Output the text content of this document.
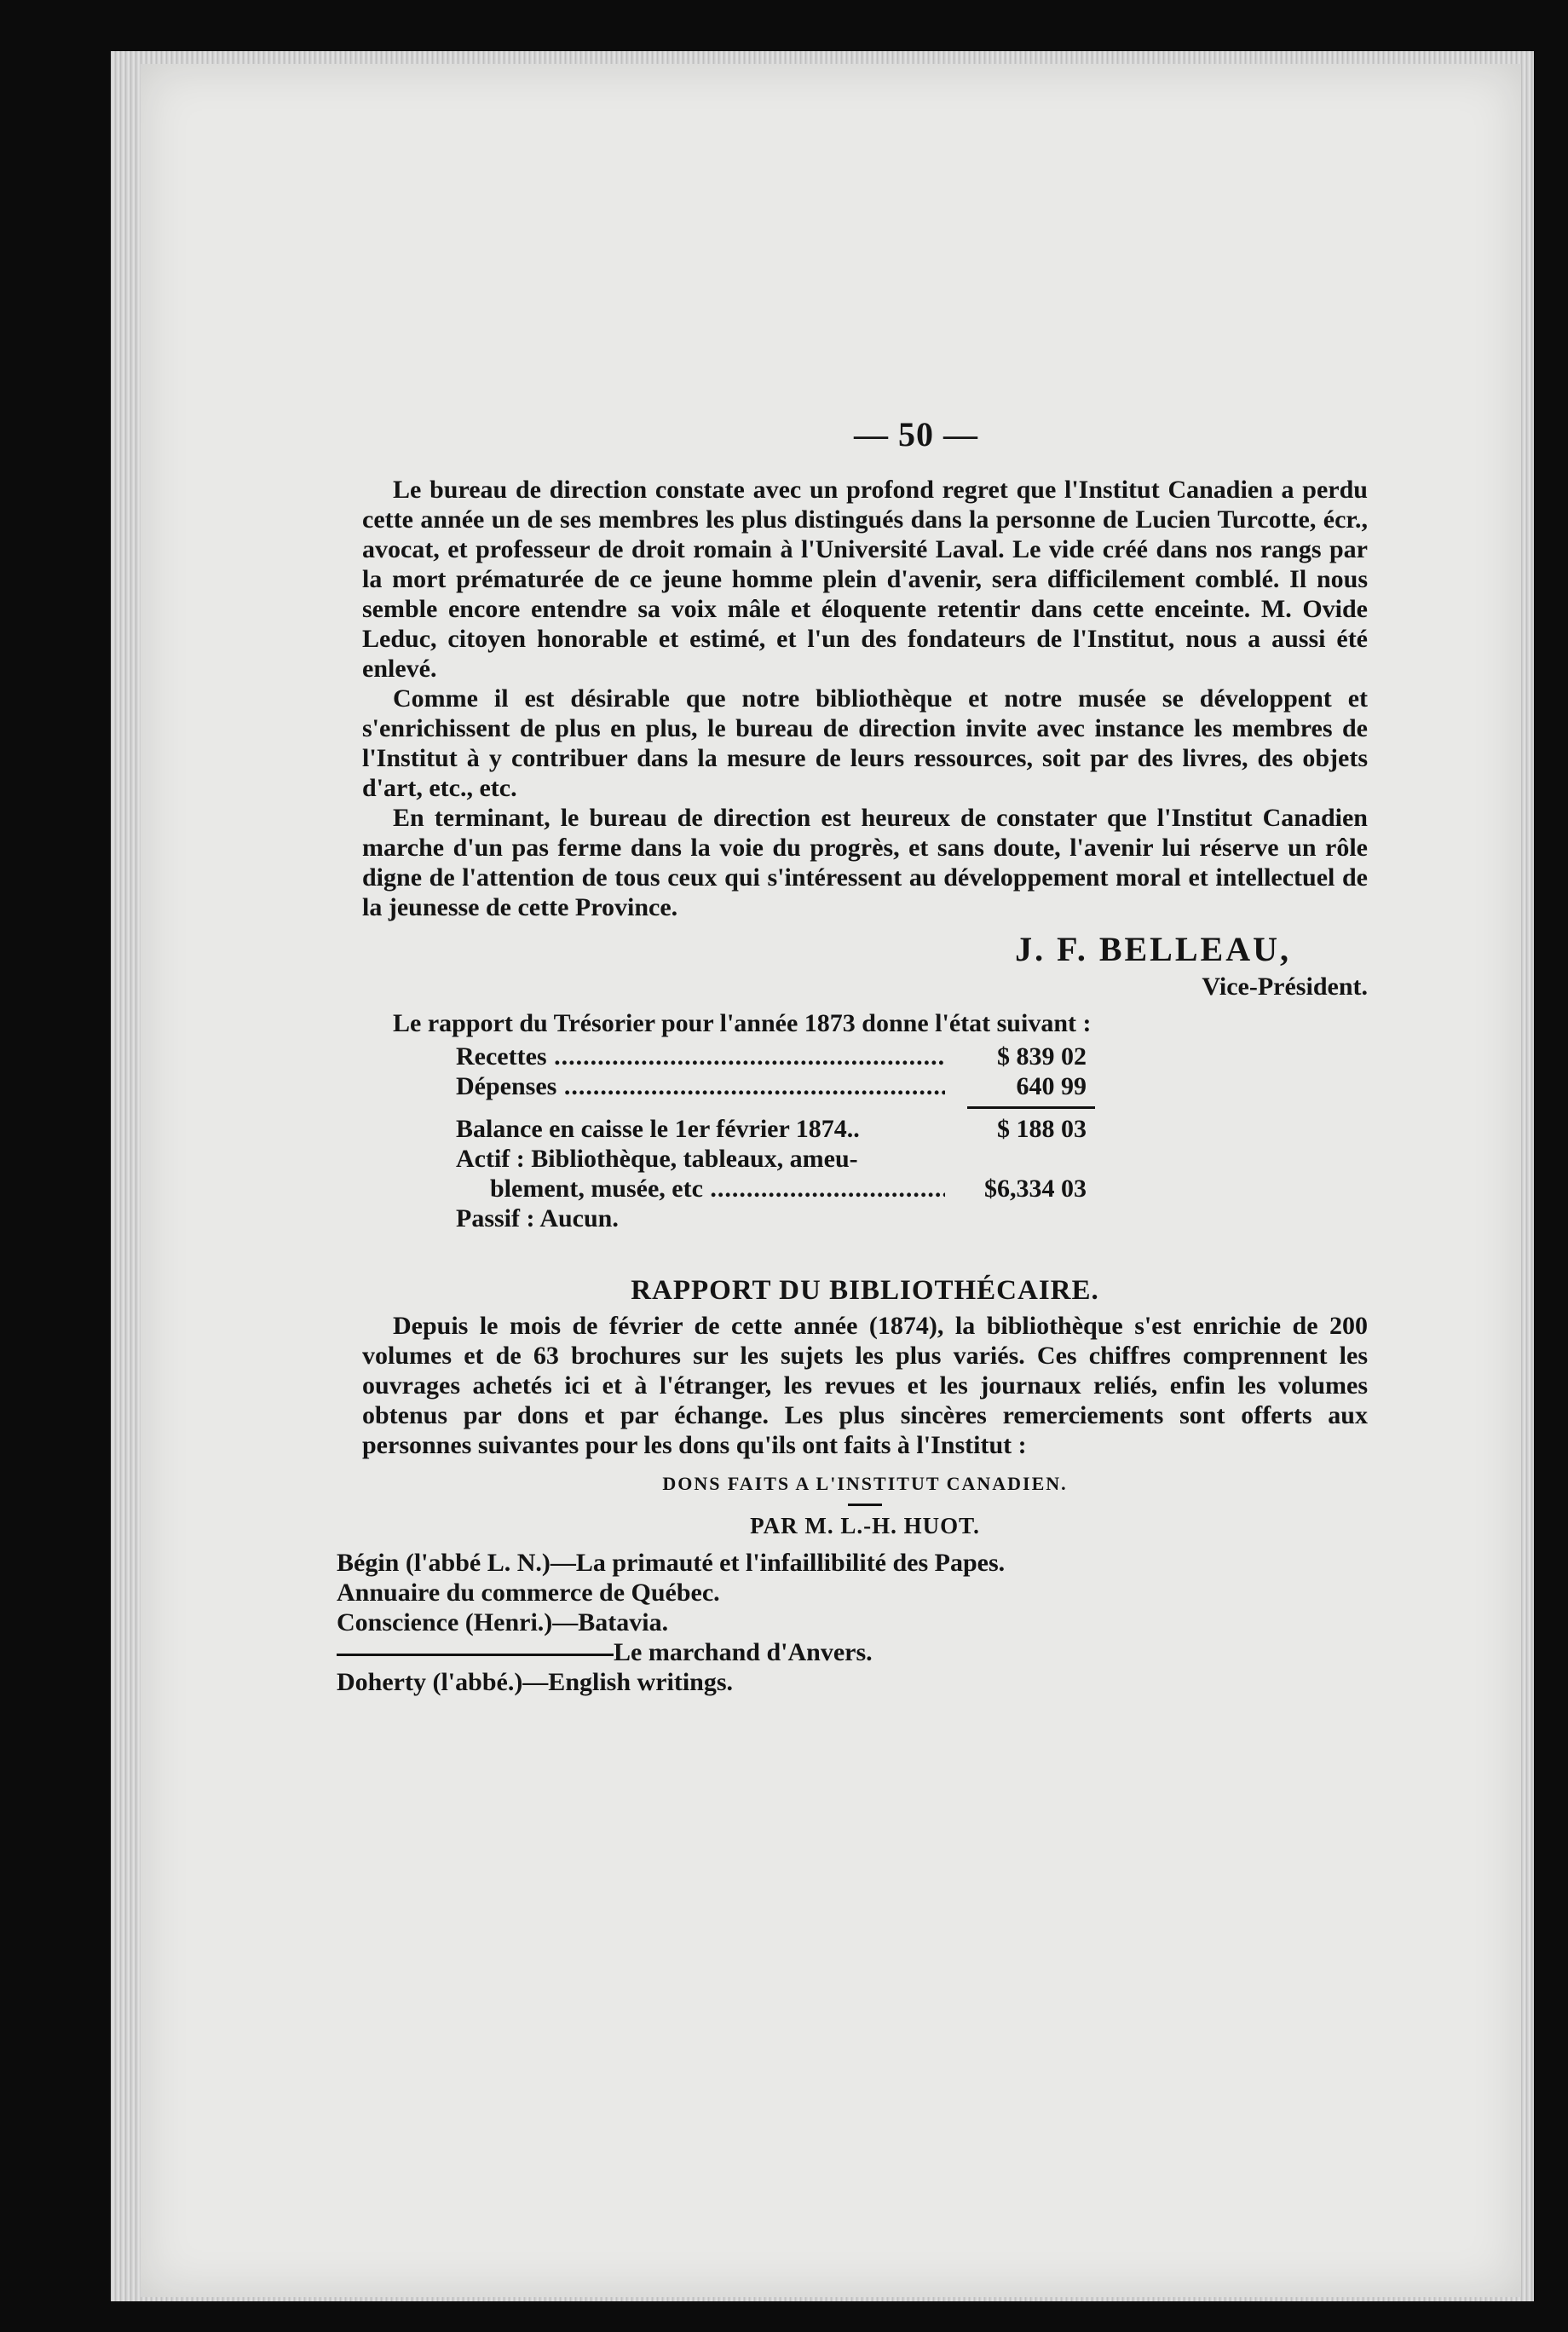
— 50 —

Le bureau de direction constate avec un profond regret que l'Institut Canadien a perdu cette année un de ses membres les plus distingués dans la personne de Lucien Turcotte, écr., avocat, et professeur de droit romain à l'Université Laval. Le vide créé dans nos rangs par la mort prématurée de ce jeune homme plein d'avenir, sera difficilement comblé. Il nous semble encore entendre sa voix mâle et éloquente retentir dans cette enceinte. M. Ovide Leduc, citoyen honorable et estimé, et l'un des fondateurs de l'Institut, nous a aussi été enlevé.

Comme il est désirable que notre bibliothèque et notre musée se développent et s'enrichissent de plus en plus, le bureau de direction invite avec instance les membres de l'Institut à y contribuer dans la mesure de leurs ressources, soit par des livres, des objets d'art, etc., etc.

En terminant, le bureau de direction est heureux de constater que l'Institut Canadien marche d'un pas ferme dans la voie du progrès, et sans doute, l'avenir lui réserve un rôle digne de l'attention de tous ceux qui s'intéressent au développement moral et intellectuel de la jeunesse de cette Province.

J. F. BELLEAU,
Vice-Président.
Le rapport du Trésorier pour l'année 1873 donne l'état suivant :
Recettes .....	$ 839 02
Dépenses .....	640 99
Balance en caisse le 1er février 1874..	$ 188 03
Actif : Bibliothèque, tableaux, ameu-
blement, musée, etc .....	$6,334 03
Passif : Aucun.
RAPPORT DU BIBLIOTHÉCAIRE.

Depuis le mois de février de cette année (1874), la bibliothèque s'est enrichie de 200 volumes et de 63 brochures sur les sujets les plus variés. Ces chiffres comprennent les ouvrages achetés ici et à l'étranger, les revues et les journaux reliés, enfin les volumes obtenus par dons et par échange. Les plus sincères remerciements sont offerts aux personnes suivantes pour les dons qu'ils ont faits à l'Institut :

DONS FAITS A L'INSTITUT CANADIEN.
PAR M. L.-H. HUOT.
Bégin (l'abbé L. N.)—La primauté et l'infaillibilité des Papes.
Annuaire du commerce de Québec.
Conscience (Henri.)—Batavia.
Le marchand d'Anvers.
Doherty (l'abbé.)—English writings.
